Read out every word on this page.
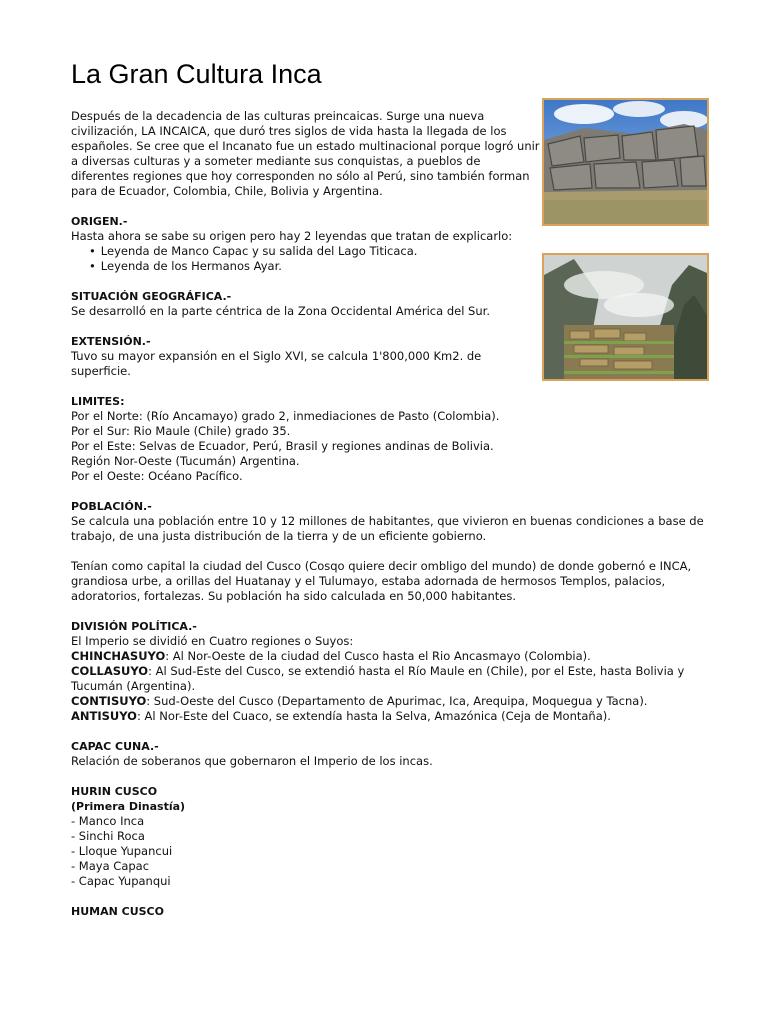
La Gran Cultura Inca

Después de la decadencia de las culturas preincaicas. Surge una nueva civilización, LA INCAICA, que duró tres siglos de vida hasta la llegada de los españoles. Se cree que el Incanato fue un estado multinacional porque logró unir a diversas culturas y a someter mediante sus conquistas, a pueblos de diferentes regiones que hoy corresponden no sólo al Perú, sino también forman para de Ecuador, Colombia, Chile, Bolivia y Argentina.

ORIGEN.-
Hasta ahora se sabe su origen pero hay 2 leyendas que tratan de explicarlo:
• Leyenda de Manco Capac y su salida del Lago Titicaca.
• Leyenda de los Hermanos Ayar.
SITUACIÓN GEOGRÁFICA.-
Se desarrolló en la parte céntrica de la Zona Occidental América del Sur.
EXTENSIÓN.-
Tuvo su mayor expansión en el Siglo XVI, se calcula 1'800,000 Km2. de superficie.
LIMITES:
Por el Norte: (Río Ancamayo) grado 2, inmediaciones de Pasto (Colombia).
Por el Sur: Rio Maule (Chile) grado 35.
Por el Este: Selvas de Ecuador, Perú, Brasil y regiones andinas de Bolivia.
Región Nor-Oeste (Tucumán) Argentina.
Por el Oeste: Océano Pacífico.
POBLACIÓN.-

Se calcula una población entre 10 y 12 millones de habitantes, que vivieron en buenas condiciones a base de trabajo, de una justa distribución de la tierra y de un eficiente gobierno.

Tenían como capital la ciudad del Cusco (Cosqo quiere decir ombligo del mundo) de donde gobernó e INCA, grandiosa urbe, a orillas del Huatanay y el Tulumayo, estaba adornada de hermosos Templos, palacios, adoratorios, fortalezas. Su población ha sido calculada en 50,000 habitantes.

DIVISIÓN POLÍTICA.-
El Imperio se dividió en Cuatro regiones o Suyos:
CHINCHASUYO: Al Nor-Oeste de la ciudad del Cusco hasta el Rio Ancasmayo (Colombia).
COLLASUYO: Al Sud-Este del Cusco, se extendió hasta el Río Maule en (Chile), por el Este, hasta Bolivia y Tucumán (Argentina).
CONTISUYO: Sud-Oeste del Cusco (Departamento de Apurimac, Ica, Arequipa, Moquegua y Tacna).
ANTISUYO: Al Nor-Este del Cuaco, se extendía hasta la Selva, Amazónica (Ceja de Montaña).
CAPAC CUNA.-
Relación de soberanos que gobernaron el Imperio de los incas.
HURIN CUSCO
(Primera Dinastía)
- Manco Inca
- Sinchi Roca
- Lloque Yupancui
- Maya Capac
- Capac Yupanqui
HUMAN CUSCO
